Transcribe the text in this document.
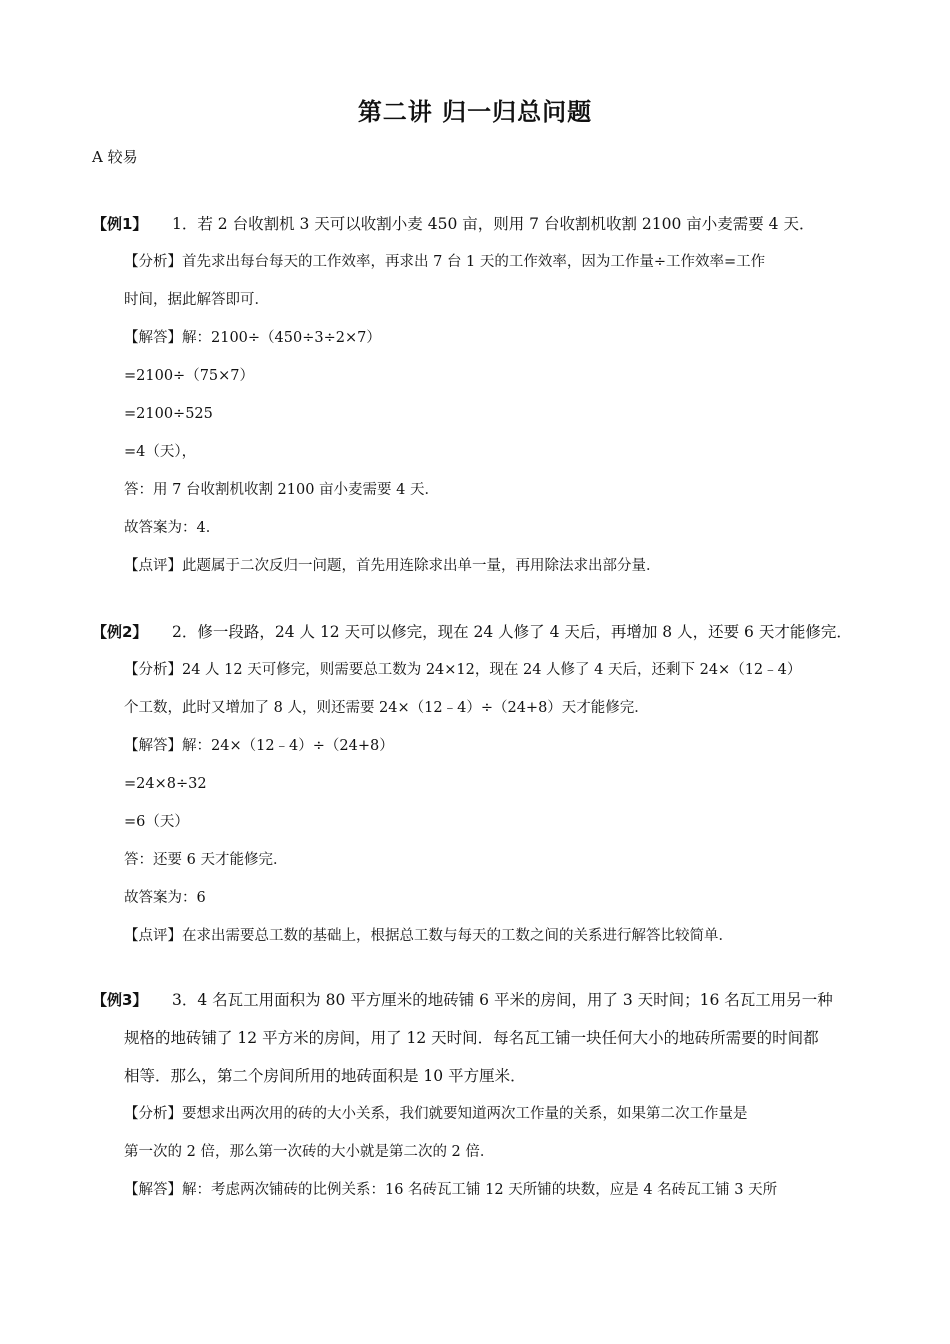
第二讲 归一归总问题
A 较易
【例1】 1．若 2 台收割机 3 天可以收割小麦 450 亩，则用 7 台收割机收割 2100 亩小麦需要 4 天．
【分析】首先求出每台每天的工作效率，再求出 7 台 1 天的工作效率，因为工作量÷工作效率=工作
时间，据此解答即可．
【解答】解：2100÷（450÷3÷2×7）
=2100÷（75×7）
=2100÷525
=4（天），
答：用 7 台收割机收割 2100 亩小麦需要 4 天．
故答案为：4．
【点评】此题属于二次反归一问题，首先用连除求出单一量，再用除法求出部分量．
【例2】 2．修一段路，24 人 12 天可以修完，现在 24 人修了 4 天后，再增加 8 人，还要 6 天才能修完．
【分析】24 人 12 天可修完，则需要总工数为 24×12，现在 24 人修了 4 天后，还剩下 24×（12﹣4）
个工数，此时又增加了 8 人，则还需要 24×（12﹣4）÷（24+8）天才能修完．
【解答】解：24×（12﹣4）÷（24+8）
=24×8÷32
=6（天）
答：还要 6 天才能修完．
故答案为：6
【点评】在求出需要总工数的基础上，根据总工数与每天的工数之间的关系进行解答比较简单．
【例3】 3．4 名瓦工用面积为 80 平方厘米的地砖铺 6 平米的房间，用了 3 天时间；16 名瓦工用另一种
规格的地砖铺了 12 平方米的房间，用了 12 天时间．每名瓦工铺一块任何大小的地砖所需要的时间都
相等．那么，第二个房间所用的地砖面积是 10 平方厘米．
【分析】要想求出两次用的砖的大小关系，我们就要知道两次工作量的关系，如果第二次工作量是
第一次的 2 倍，那么第一次砖的大小就是第二次的 2 倍．
【解答】解：考虑两次铺砖的比例关系：16 名砖瓦工铺 12 天所铺的块数，应是 4 名砖瓦工铺 3 天所
